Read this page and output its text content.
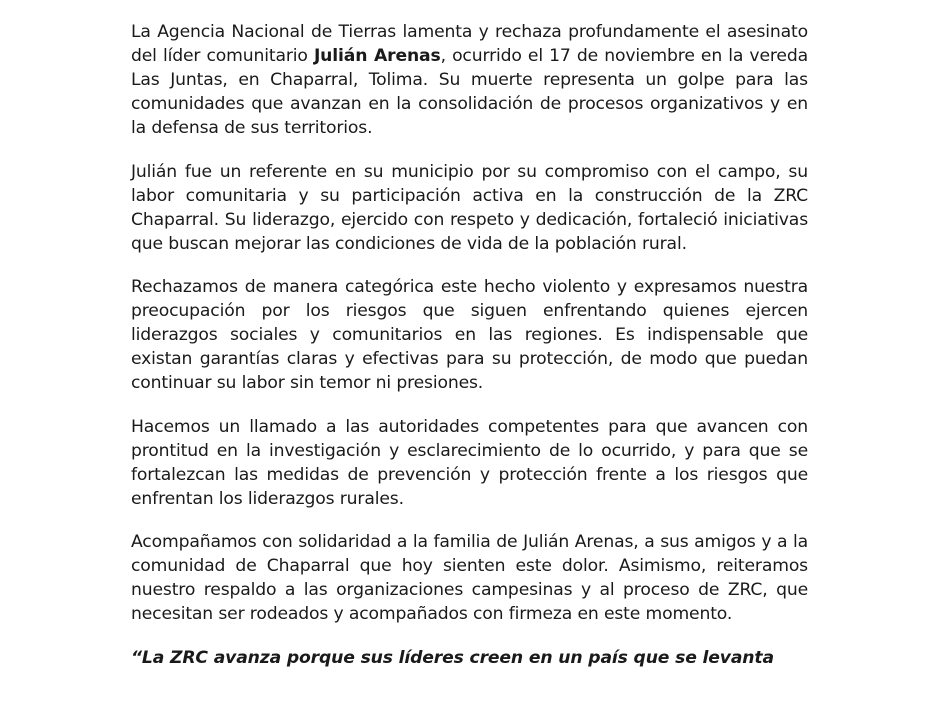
La Agencia Nacional de Tierras lamenta y rechaza profundamente el asesinato del líder comunitario Julián Arenas, ocurrido el 17 de noviembre en la vereda Las Juntas, en Chaparral, Tolima. Su muerte representa un golpe para las comunidades que avanzan en la consolidación de procesos organizativos y en la defensa de sus territorios.

Julián fue un referente en su municipio por su compromiso con el campo, su labor comunitaria y su participación activa en la construcción de la ZRC Chaparral. Su liderazgo, ejercido con respeto y dedicación, fortaleció iniciativas que buscan mejorar las condiciones de vida de la población rural.

Rechazamos de manera categórica este hecho violento y expresamos nuestra preocupación por los riesgos que siguen enfrentando quienes ejercen liderazgos sociales y comunitarios en las regiones. Es indispensable que existan garantías claras y efectivas para su protección, de modo que puedan continuar su labor sin temor ni presiones.

Hacemos un llamado a las autoridades competentes para que avancen con prontitud en la investigación y esclarecimiento de lo ocurrido, y para que se fortalezcan las medidas de prevención y protección frente a los riesgos que enfrentan los liderazgos rurales.

Acompañamos con solidaridad a la familia de Julián Arenas, a sus amigos y a la comunidad de Chaparral que hoy sienten este dolor. Asimismo, reiteramos nuestro respaldo a las organizaciones campesinas y al proceso de ZRC, que necesitan ser rodeados y acompañados con firmeza en este momento.

“La ZRC avanza porque sus líderes creen en un país que se levanta
